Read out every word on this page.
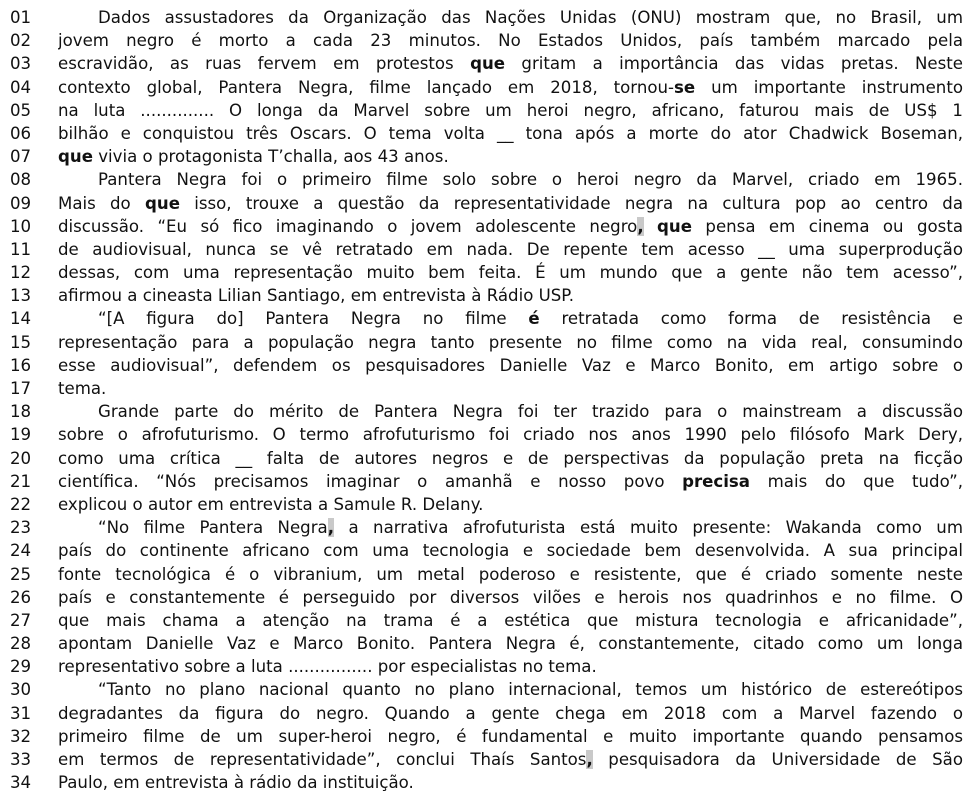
01	Dados assustadores da Organização das Nações Unidas (ONU) mostram que, no Brasil, um
02	jovem negro é morto a cada 23 minutos. No Estados Unidos, país também marcado pela
03	escravidão, as ruas fervem em protestos que gritam a importância das vidas pretas. Neste
04	contexto global, Pantera Negra, filme lançado em 2018, tornou-se um importante instrumento
05	na luta .............. O longa da Marvel sobre um heroi negro, africano, faturou mais de US$ 1
06	bilhão e conquistou três Oscars. O tema volta __ tona após a morte do ator Chadwick Boseman,
07	que vivia o protagonista T’challa, aos 43 anos.
08	Pantera Negra foi o primeiro filme solo sobre o heroi negro da Marvel, criado em 1965.
09	Mais do que isso, trouxe a questão da representatividade negra na cultura pop ao centro da
10	discussão. “Eu só fico imaginando o jovem adolescente negro, que pensa em cinema ou gosta
11	de audiovisual, nunca se vê retratado em nada. De repente tem acesso __ uma superprodução
12	dessas, com uma representação muito bem feita. É um mundo que a gente não tem acesso”,
13	afirmou a cineasta Lilian Santiago, em entrevista à Rádio USP.
14	“[A figura do] Pantera Negra no filme é retratada como forma de resistência e
15	representação para a população negra tanto presente no filme como na vida real, consumindo
16	esse audiovisual”, defendem os pesquisadores Danielle Vaz e Marco Bonito, em artigo sobre o
17	tema.
18	Grande parte do mérito de Pantera Negra foi ter trazido para o mainstream a discussão
19	sobre o afrofuturismo. O termo afrofuturismo foi criado nos anos 1990 pelo filósofo Mark Dery,
20	como uma crítica __ falta de autores negros e de perspectivas da população preta na ficção
21	científica. “Nós precisamos imaginar o amanhã e nosso povo precisa mais do que tudo”,
22	explicou o autor em entrevista a Samule R. Delany.
23	“No filme Pantera Negra, a narrativa afrofuturista está muito presente: Wakanda como um
24	país do continente africano com uma tecnologia e sociedade bem desenvolvida. A sua principal
25	fonte tecnológica é o vibranium, um metal poderoso e resistente, que é criado somente neste
26	país e constantemente é perseguido por diversos vilões e herois nos quadrinhos e no filme. O
27	que mais chama a atenção na trama é a estética que mistura tecnologia e africanidade”,
28	apontam Danielle Vaz e Marco Bonito. Pantera Negra é, constantemente, citado como um longa
29	representativo sobre a luta ................ por especialistas no tema.
30	“Tanto no plano nacional quanto no plano internacional, temos um histórico de estereótipos
31	degradantes da figura do negro. Quando a gente chega em 2018 com a Marvel fazendo o
32	primeiro filme de um super-heroi negro, é fundamental e muito importante quando pensamos
33	em termos de representatividade”, conclui Thaís Santos, pesquisadora da Universidade de São
34	Paulo, em entrevista à rádio da instituição.
